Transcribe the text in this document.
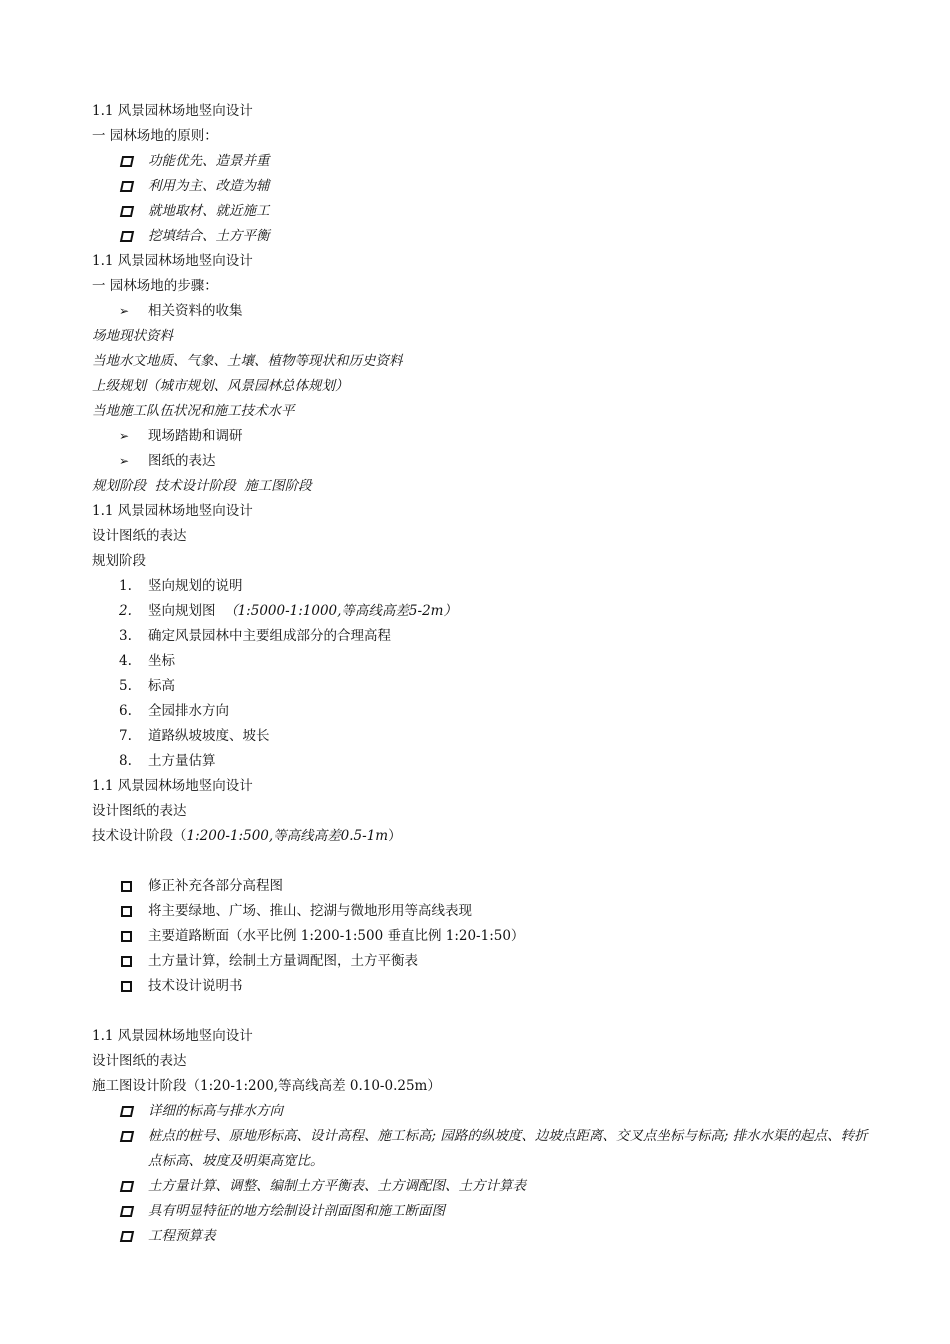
1.1 风景园林场地竖向设计
一 园林场地的原则：
功能优先、造景并重
利用为主、改造为辅
就地取材、就近施工
挖填结合、土方平衡
1.1 风景园林场地竖向设计
一 园林场地的步骤：
➢ 相关资料的收集
场地现状资料
当地水文地质、气象、土壤、植物等现状和历史资料
上级规划（城市规划、风景园林总体规划）
当地施工队伍状况和施工技术水平
➢ 现场踏勘和调研
➢ 图纸的表达
规划阶段  技术设计阶段  施工图阶段
1.1 风景园林场地竖向设计
设计图纸的表达
规划阶段
1. 竖向规划的说明
2. 竖向规划图  （1:5000-1:1000,等高线高差5-2m）
3. 确定风景园林中主要组成部分的合理高程
4. 坐标
5. 标高
6. 全园排水方向
7. 道路纵坡坡度、坡长
8. 土方量估算
1.1 风景园林场地竖向设计
设计图纸的表达
技术设计阶段（1:200-1:500,等高线高差0.5-1m）
修正补充各部分高程图
将主要绿地、广场、推山、挖湖与微地形用等高线表现
主要道路断面（水平比例 1:200-1:500 垂直比例 1:20-1:50）
土方量计算，绘制土方量调配图，土方平衡表
技术设计说明书
1.1 风景园林场地竖向设计
设计图纸的表达
施工图设计阶段（1:20-1:200,等高线高差 0.10-0.25m）
详细的标高与排水方向
桩点的桩号、原地形标高、设计高程、施工标高; 园路的纵坡度、边坡点距离、交叉点坐标与标高; 排水水渠的起点、转折点标高、坡度及明渠高宽比。
土方量计算、调整、编制土方平衡表、土方调配图、土方计算表
具有明显特征的地方绘制设计剖面图和施工断面图
工程预算表
